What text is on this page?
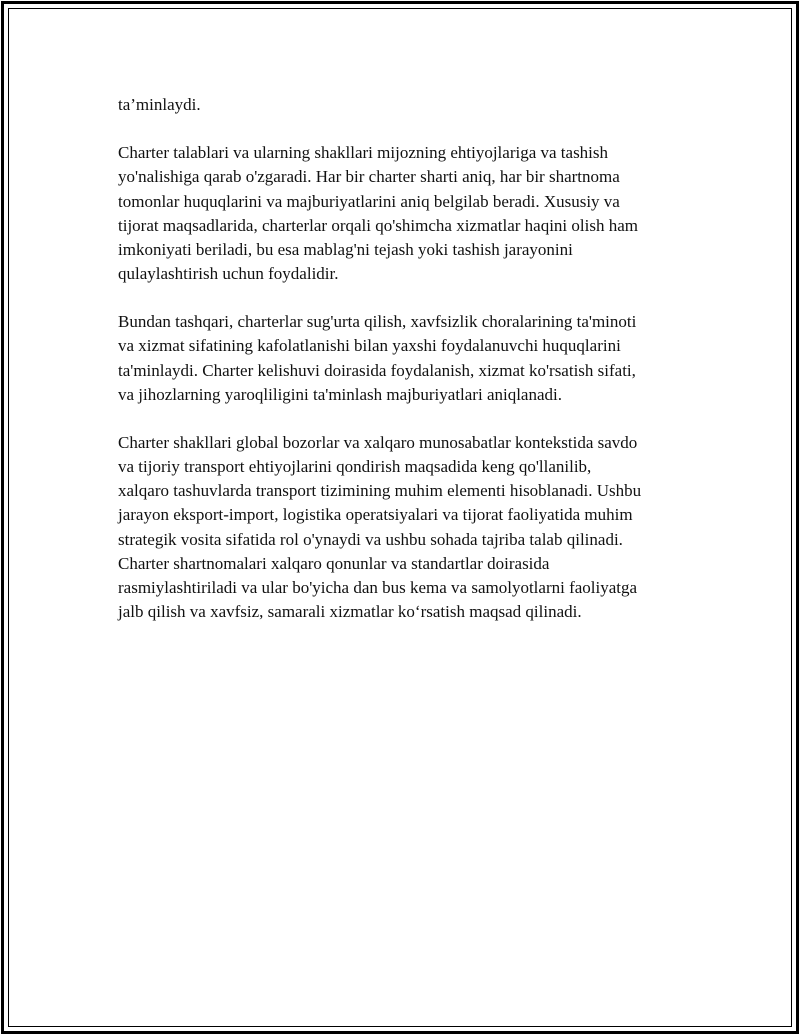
ta’minlaydi.
Charter talablari va ularning shakllari mijozning ehtiyojlariga va tashish
yo'nalishiga qarab o'zgaradi. Har bir charter sharti aniq, har bir shartnoma
tomonlar huquqlarini va majburiyatlarini aniq belgilab beradi. Xususiy va
tijorat maqsadlarida, charterlar orqali qo'shimcha xizmatlar haqini olish ham
imkoniyati beriladi, bu esa mablag'ni tejash yoki tashish jarayonini
qulaylashtirish uchun foydalidir.
Bundan tashqari, charterlar sug'urta qilish, xavfsizlik choralarining ta'minoti
va xizmat sifatining kafolatlanishi bilan yaxshi foydalanuvchi huquqlarini
ta'minlaydi. Charter kelishuvi doirasida foydalanish, xizmat ko'rsatish sifati,
va jihozlarning yaroqliligini ta'minlash majburiyatlari aniqlanadi.
Charter shakllari global bozorlar va xalqaro munosabatlar kontekstida savdo
va tijoriy transport ehtiyojlarini qondirish maqsadida keng qo'llanilib,
xalqaro tashuvlarda transport tizimining muhim elementi hisoblanadi. Ushbu
jarayon eksport-import, logistika operatsiyalari va tijorat faoliyatida muhim
strategik vosita sifatida rol o'ynaydi va ushbu sohada tajriba talab qilinadi.
Charter shartnomalari xalqaro qonunlar va standartlar doirasida
rasmiylashtiriladi va ular bo'yicha dan bus kema va samolyotlarni faoliyatga
jalb qilish va xavfsiz, samarali xizmatlar ko‘rsatish maqsad qilinadi.
